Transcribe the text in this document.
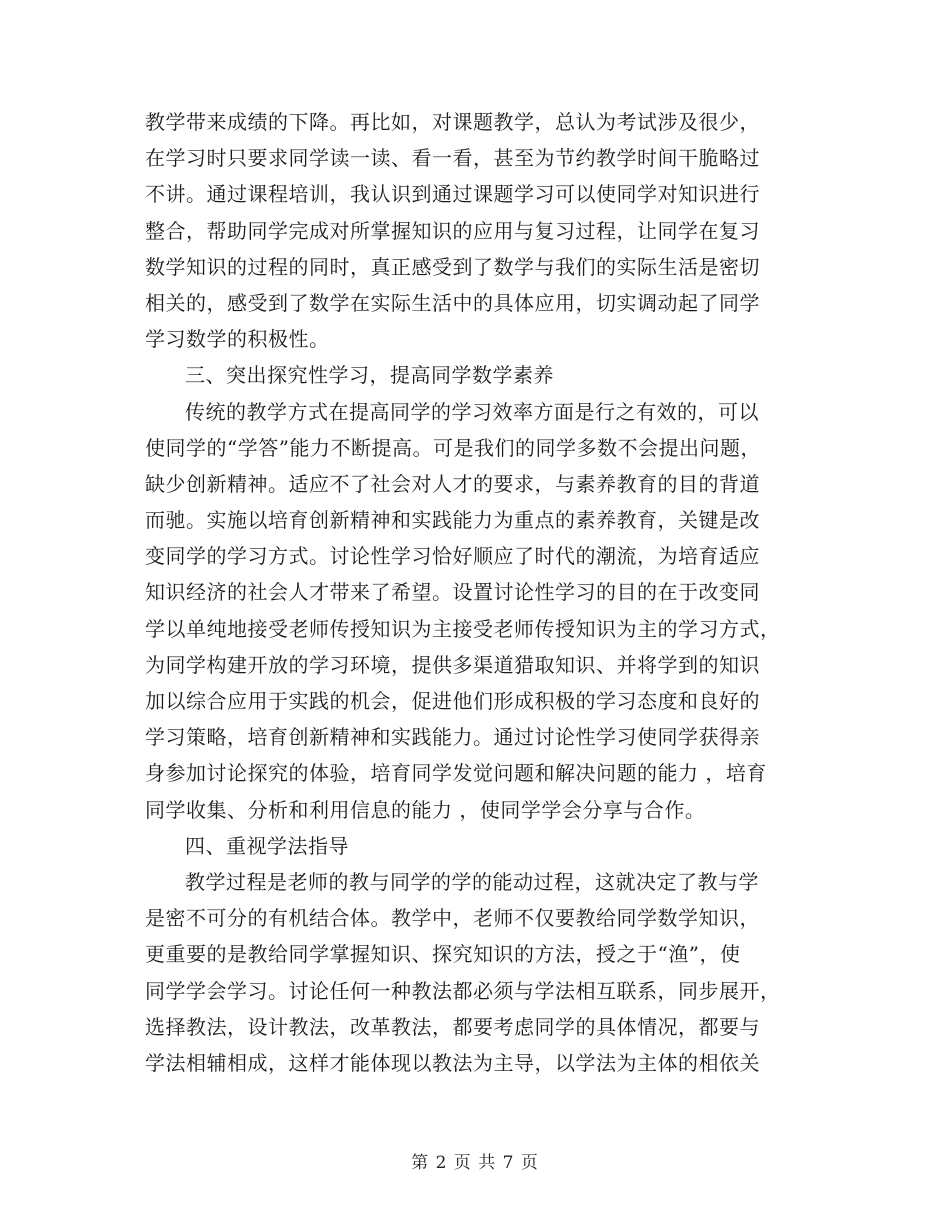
教学带来成绩的下降。再比如，对课题教学，总认为考试涉及很少，
在学习时只要求同学读一读、看一看，甚至为节约教学时间干脆略过
不讲。通过课程培训，我认识到通过课题学习可以使同学对知识进行
整合，帮助同学完成对所掌握知识的应用与复习过程，让同学在复习
数学知识的过程的同时，真正感受到了数学与我们的实际生活是密切
相关的，感受到了数学在实际生活中的具体应用，切实调动起了同学
学习数学的积极性。
三、突出探究性学习，提高同学数学素养
传统的教学方式在提高同学的学习效率方面是行之有效的，可以
使同学的“学答”能力不断提高。可是我们的同学多数不会提出问题，
缺少创新精神。适应不了社会对人才的要求，与素养教育的目的背道
而驰。实施以培育创新精神和实践能力为重点的素养教育，关键是改
变同学的学习方式。讨论性学习恰好顺应了时代的潮流，为培育适应
知识经济的社会人才带来了希望。设置讨论性学习的目的在于改变同
学以单纯地接受老师传授知识为主接受老师传授知识为主的学习方式，
为同学构建开放的学习环境，提供多渠道猎取知识、并将学到的知识
加以综合应用于实践的机会，促进他们形成积极的学习态度和良好的
学习策略，培育创新精神和实践能力。通过讨论性学习使同学获得亲
身参加讨论探究的体验，培育同学发觉问题和解决问题的能力 ，培育
同学收集、分析和利用信息的能力 ，使同学学会分享与合作。
四、重视学法指导
教学过程是老师的教与同学的学的能动过程，这就决定了教与学
是密不可分的有机结合体。教学中，老师不仅要教给同学数学知识，
更重要的是教给同学掌握知识、探究知识的方法，授之于“渔”，使
同学学会学习。讨论任何一种教法都必须与学法相互联系，同步展开，
选择教法，设计教法，改革教法，都要考虑同学的具体情况，都要与
学法相辅相成，这样才能体现以教法为主导，以学法为主体的相依关
第 2 页 共 7 页
